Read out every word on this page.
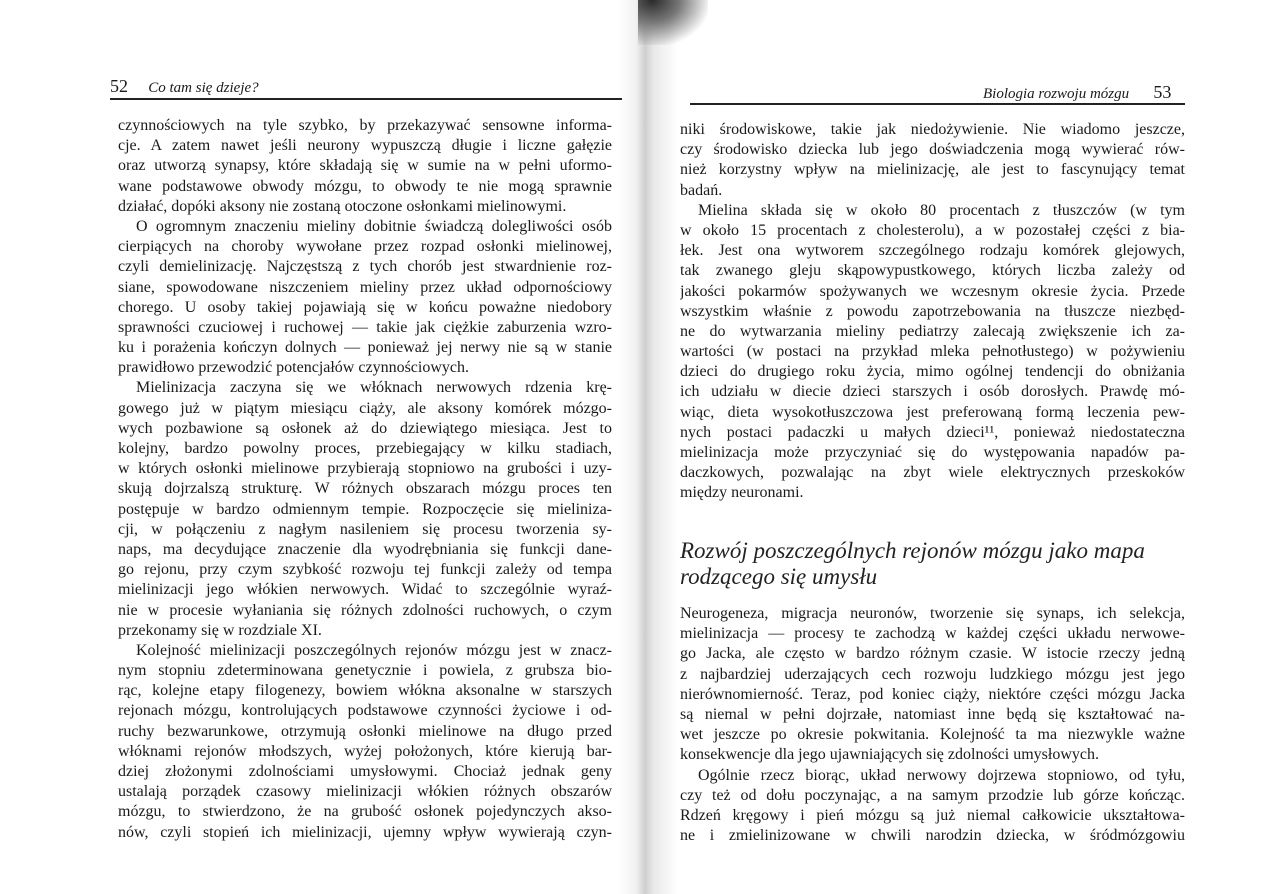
52 Co tam się dzieje?	Biologia rozwoju mózgu 53
czynnościowych na tyle szybko, by przekazywać sensowne informa-
cje. A zatem nawet jeśli neurony wypuszczą długie i liczne gałęzie
oraz utworzą synapsy, które składają się w sumie na w pełni uformo-
wane podstawowe obwody mózgu, to obwody te nie mogą sprawnie
działać, dopóki aksony nie zostaną otoczone osłonkami mielinowymi.
O ogromnym znaczeniu mieliny dobitnie świadczą dolegliwości osób
cierpiących na choroby wywołane przez rozpad osłonki mielinowej,
czyli demielinizację. Najczęstszą z tych chorób jest stwardnienie roz-
siane, spowodowane niszczeniem mieliny przez układ odpornościowy
chorego. U osoby takiej pojawiają się w końcu poważne niedobory
sprawności czuciowej i ruchowej — takie jak ciężkie zaburzenia wzro-
ku i porażenia kończyn dolnych — ponieważ jej nerwy nie są w stanie
prawidłowo przewodzić potencjałów czynnościowych.
Mielinizacja zaczyna się we włóknach nerwowych rdzenia krę-
gowego już w piątym miesiącu ciąży, ale aksony komórek mózgo-
wych pozbawione są osłonek aż do dziewiątego miesiąca. Jest to
kolejny, bardzo powolny proces, przebiegający w kilku stadiach,
w których osłonki mielinowe przybierają stopniowo na grubości i uzy-
skują dojrzalszą strukturę. W różnych obszarach mózgu proces ten
postępuje w bardzo odmiennym tempie. Rozpoczęcie się mieliniza-
cji, w połączeniu z nagłym nasileniem się procesu tworzenia sy-
naps, ma decydujące znaczenie dla wyodrębniania się funkcji dane-
go rejonu, przy czym szybkość rozwoju tej funkcji zależy od tempa
mielinizacji jego włókien nerwowych. Widać to szczególnie wyraź-
nie w procesie wyłaniania się różnych zdolności ruchowych, o czym
przekonamy się w rozdziale XI.
Kolejność mielinizacji poszczególnych rejonów mózgu jest w znacz-
nym stopniu zdeterminowana genetycznie i powiela, z grubsza bio-
rąc, kolejne etapy filogenezy, bowiem włókna aksonalne w starszych
rejonach mózgu, kontrolujących podstawowe czynności życiowe i od-
ruchy bezwarunkowe, otrzymują osłonki mielinowe na długo przed
włóknami rejonów młodszych, wyżej położonych, które kierują bar-
dziej złożonymi zdolnościami umysłowymi. Chociaż jednak geny
ustalają porządek czasowy mielinizacji włókien różnych obszarów
mózgu, to stwierdzono, że na grubość osłonek pojedynczych akso-
nów, czyli stopień ich mielinizacji, ujemny wpływ wywierają czyn-
niki środowiskowe, takie jak niedożywienie. Nie wiadomo jeszcze,
czy środowisko dziecka lub jego doświadczenia mogą wywierać rów-
nież korzystny wpływ na mielinizację, ale jest to fascynujący temat
badań.
Mielina składa się w około 80 procentach z tłuszczów (w tym
w około 15 procentach z cholesterolu), a w pozostałej części z bia-
łek. Jest ona wytworem szczególnego rodzaju komórek glejowych,
tak zwanego gleju skąpowypustkowego, których liczba zależy od
jakości pokarmów spożywanych we wczesnym okresie życia. Przede
wszystkim właśnie z powodu zapotrzebowania na tłuszcze niezbęd-
ne do wytwarzania mieliny pediatrzy zalecają zwiększenie ich za-
wartości (w postaci na przykład mleka pełnotłustego) w pożywieniu
dzieci do drugiego roku życia, mimo ogólnej tendencji do obniżania
ich udziału w diecie dzieci starszych i osób dorosłych. Prawdę mó-
wiąc, dieta wysokotłuszczowa jest preferowaną formą leczenia pew-
nych postaci padaczki u małych dzieci¹¹, ponieważ niedostateczna
mielinizacja może przyczyniać się do występowania napadów pa-
daczkowych, pozwalając na zbyt wiele elektrycznych przeskoków
między neuronami.
Rozwój poszczególnych rejonów mózgu jako mapa
rodzącego się umysłu
Neurogeneza, migracja neuronów, tworzenie się synaps, ich selekcja,
mielinizacja — procesy te zachodzą w każdej części układu nerwowe-
go Jacka, ale często w bardzo różnym czasie. W istocie rzeczy jedną
z najbardziej uderzających cech rozwoju ludzkiego mózgu jest jego
nierównomierność. Teraz, pod koniec ciąży, niektóre części mózgu Jacka
są niemal w pełni dojrzałe, natomiast inne będą się kształtować na-
wet jeszcze po okresie pokwitania. Kolejność ta ma niezwykle ważne
konsekwencje dla jego ujawniających się zdolności umysłowych.
Ogólnie rzecz biorąc, układ nerwowy dojrzewa stopniowo, od tyłu,
czy też od dołu poczynając, a na samym przodzie lub górze kończąc.
Rdzeń kręgowy i pień mózgu są już niemal całkowicie ukształtowa-
ne i zmielinizowane w chwili narodzin dziecka, w śródmózgowiu
